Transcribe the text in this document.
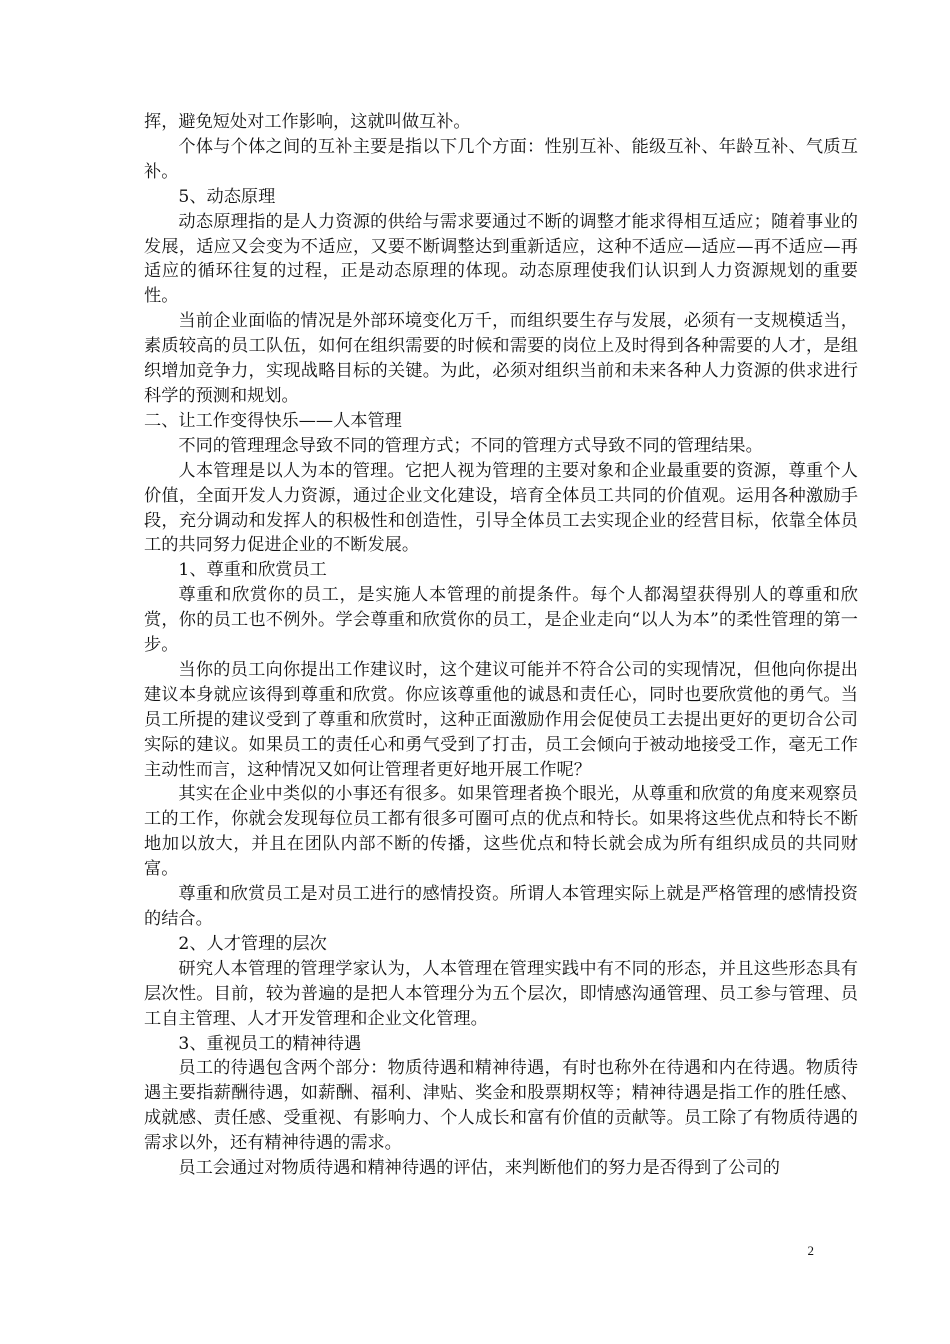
挥，避免短处对工作影响，这就叫做互补。

个体与个体之间的互补主要是指以下几个方面：性别互补、能级互补、年龄互补、气质互补。

5、动态原理

动态原理指的是人力资源的供给与需求要通过不断的调整才能求得相互适应；随着事业的发展，适应又会变为不适应，又要不断调整达到重新适应，这种不适应—适应—再不适应—再适应的循环往复的过程，正是动态原理的体现。动态原理使我们认识到人力资源规划的重要性。

当前企业面临的情况是外部环境变化万千，而组织要生存与发展，必须有一支规模适当，素质较高的员工队伍，如何在组织需要的时候和需要的岗位上及时得到各种需要的人才，是组织增加竞争力，实现战略目标的关键。为此，必须对组织当前和未来各种人力资源的供求进行科学的预测和规划。

二、让工作变得快乐——人本管理

不同的管理理念导致不同的管理方式；不同的管理方式导致不同的管理结果。

人本管理是以人为本的管理。它把人视为管理的主要对象和企业最重要的资源，尊重个人价值，全面开发人力资源，通过企业文化建设，培育全体员工共同的价值观。运用各种激励手段，充分调动和发挥人的积极性和创造性，引导全体员工去实现企业的经营目标，依靠全体员工的共同努力促进企业的不断发展。

1、尊重和欣赏员工

尊重和欣赏你的员工，是实施人本管理的前提条件。每个人都渴望获得别人的尊重和欣赏，你的员工也不例外。学会尊重和欣赏你的员工，是企业走向“以人为本”的柔性管理的第一步。

当你的员工向你提出工作建议时，这个建议可能并不符合公司的实现情况，但他向你提出建议本身就应该得到尊重和欣赏。你应该尊重他的诚恳和责任心，同时也要欣赏他的勇气。当员工所提的建议受到了尊重和欣赏时，这种正面激励作用会促使员工去提出更好的更切合公司实际的建议。如果员工的责任心和勇气受到了打击，员工会倾向于被动地接受工作，毫无工作主动性而言，这种情况又如何让管理者更好地开展工作呢？

其实在企业中类似的小事还有很多。如果管理者换个眼光，从尊重和欣赏的角度来观察员工的工作，你就会发现每位员工都有很多可圈可点的优点和特长。如果将这些优点和特长不断地加以放大，并且在团队内部不断的传播，这些优点和特长就会成为所有组织成员的共同财富。

尊重和欣赏员工是对员工进行的感情投资。所谓人本管理实际上就是严格管理的感情投资的结合。

2、人才管理的层次

研究人本管理的管理学家认为，人本管理在管理实践中有不同的形态，并且这些形态具有层次性。目前，较为普遍的是把人本管理分为五个层次，即情感沟通管理、员工参与管理、员工自主管理、人才开发管理和企业文化管理。

3、重视员工的精神待遇

员工的待遇包含两个部分：物质待遇和精神待遇，有时也称外在待遇和内在待遇。物质待遇主要指薪酬待遇，如薪酬、福利、津贴、奖金和股票期权等；精神待遇是指工作的胜任感、成就感、责任感、受重视、有影响力、个人成长和富有价值的贡献等。员工除了有物质待遇的需求以外，还有精神待遇的需求。

员工会通过对物质待遇和精神待遇的评估，来判断他们的努力是否得到了公司的

2
